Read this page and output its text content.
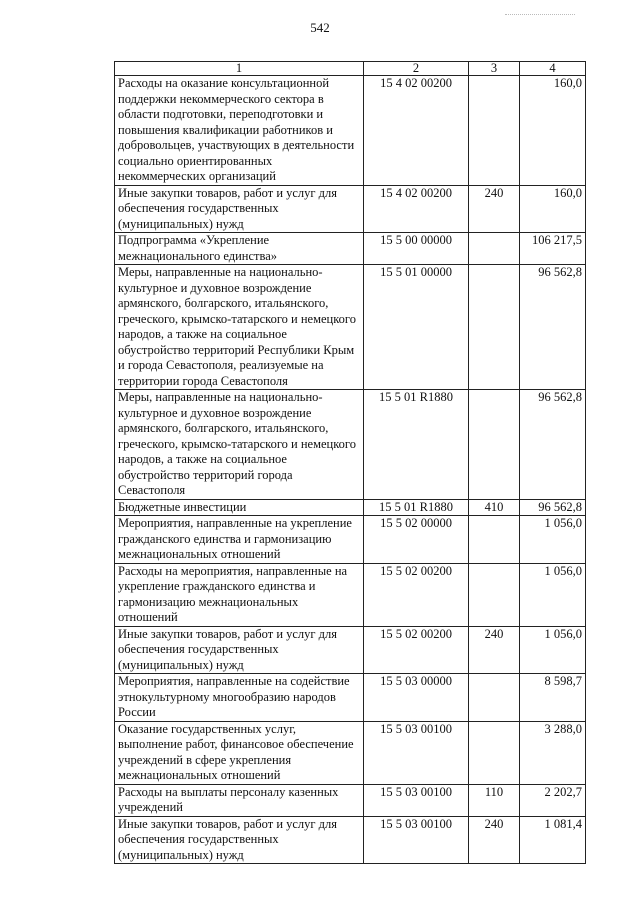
542
1	2	3	4
Расходы на оказание консультационной поддержки некоммерческого сектора в области подготовки, переподготовки и повышения квалификации работников и добровольцев, участвующих в деятельности социально ориентированных некоммерческих организаций	15 4 02 00200		160,0
Иные закупки товаров, работ и услуг для обеспечения государственных (муниципальных) нужд	15 4 02 00200	240	160,0
Подпрограмма «Укрепление межнационального единства»	15 5 00 00000		106 217,5
Меры, направленные на национально-культурное и духовное возрождение армянского, болгарского, итальянского, греческого, крымско-татарского и немецкого народов, а также на социальное обустройство территорий Республики Крым и города Севастополя, реализуемые на территории города Севастополя	15 5 01 00000		96 562,8
Меры, направленные на национально-культурное и духовное возрождение армянского, болгарского, итальянского, греческого, крымско-татарского и немецкого народов, а также на социальное обустройство территорий города Севастополя	15 5 01 R1880		96 562,8
Бюджетные инвестиции	15 5 01 R1880	410	96 562,8
Мероприятия, направленные на укрепление гражданского единства и гармонизацию межнациональных отношений	15 5 02 00000		1 056,0
Расходы на мероприятия, направленные на укрепление гражданского единства и гармонизацию межнациональных отношений	15 5 02 00200		1 056,0
Иные закупки товаров, работ и услуг для обеспечения государственных (муниципальных) нужд	15 5 02 00200	240	1 056,0
Мероприятия, направленные на содействие этнокультурному многообразию народов России	15 5 03 00000		8 598,7
Оказание государственных услуг, выполнение работ, финансовое обеспечение учреждений в сфере укрепления межнациональных отношений	15 5 03 00100		3 288,0
Расходы на выплаты персоналу казенных учреждений	15 5 03 00100	110	2 202,7
Иные закупки товаров, работ и услуг для обеспечения государственных (муниципальных) нужд	15 5 03 00100	240	1 081,4
